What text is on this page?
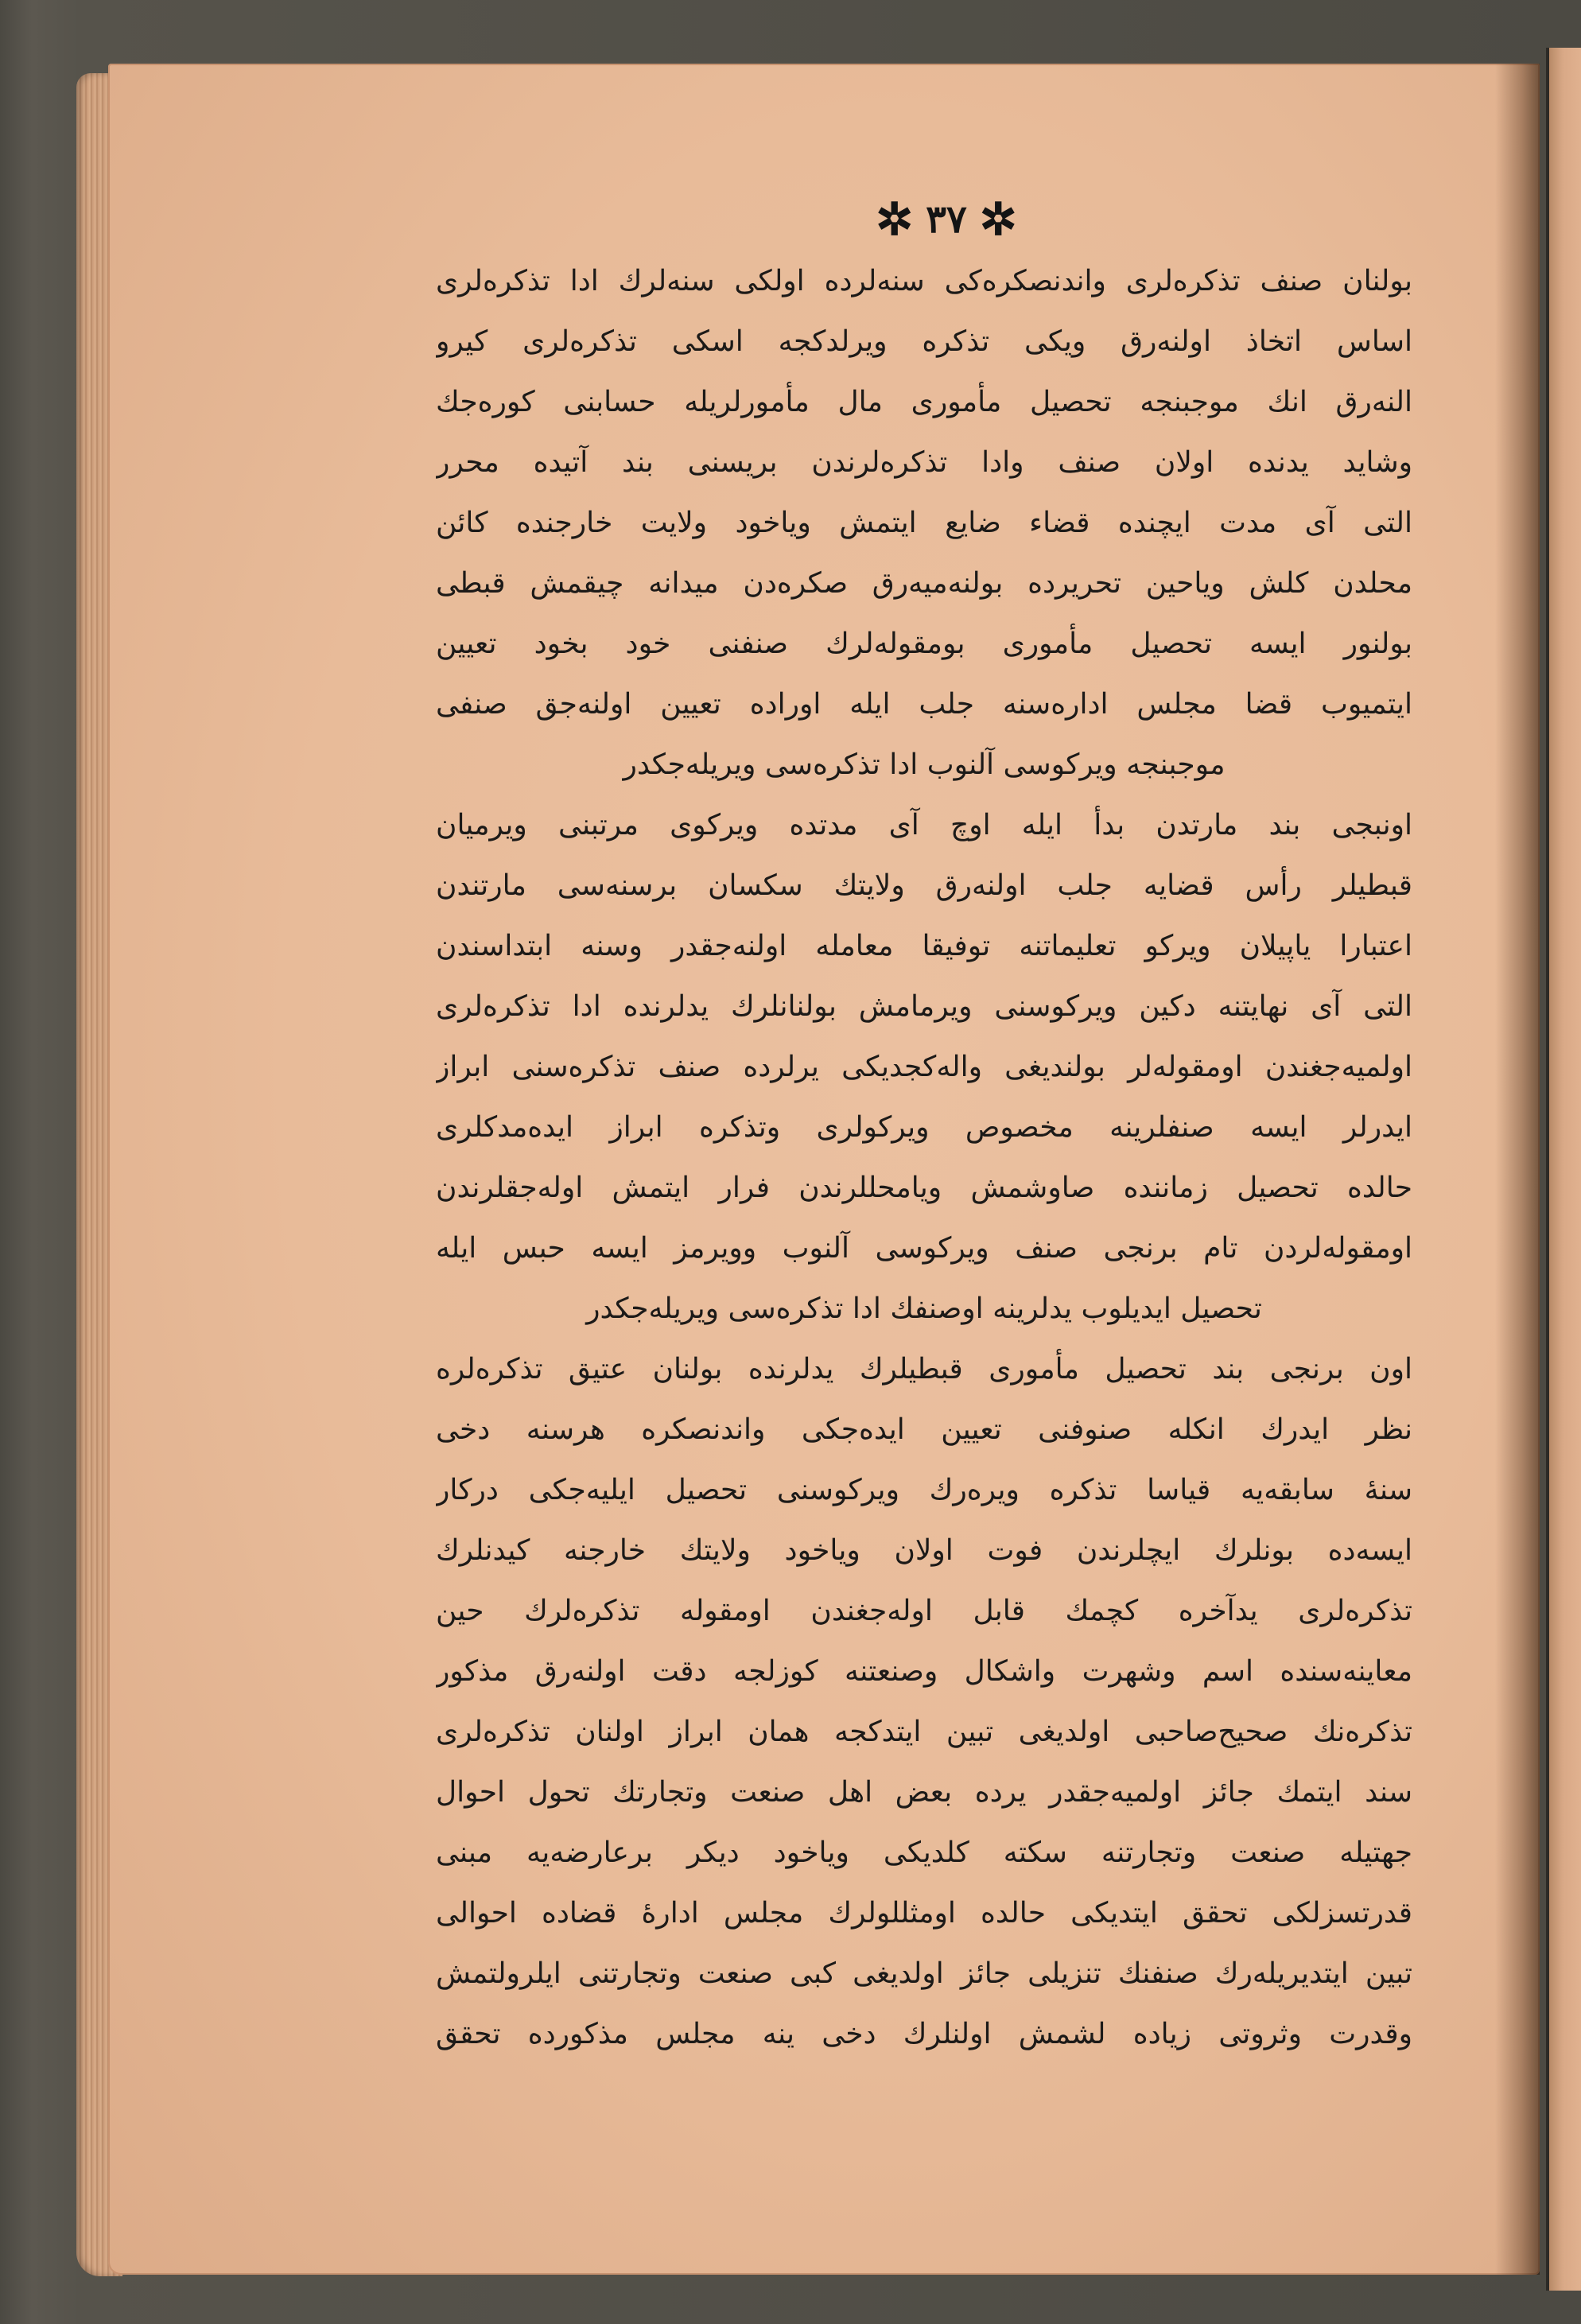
✲ ٣٧ ✲
بولنان صنف تذكره‌لری واندنصکره‌کی سنه‌لرده اولکی سنه‌لرك ادا تذکره‌لری
اساس اتخاذ اولنه‌رق ویکی تذکره ویرلدکجه اسکی تذکره‌لری کیرو
النه‌رق انك موجبنجه تحصیل مأموری مال مأمورلریله حسابنی کوره‌جك
وشاید یدنده اولان صنف وادا تذکره‌لرندن بریسنی بند آتیده محرر
التی آی مدت ایچنده قضاء ضایع ایتمش ویاخود ولایت خارجنده کائن
محلدن کلش ویاحین تحریرده بولنه‌میه‌رق صکره‌دن میدانه چیقمش قبطی
بولنور ایسه تحصیل مأموری بومقوله‌لرك صنفنی خود بخود تعیین
ایتمیوب قضا مجلس اداره‌سنه جلب ایله اوراده تعیین اولنه‌جق صنفی
موجبنجه ویرکوسی آلنوب ادا تذکره‌سی ویریله‌جکدر
اونبجی بند مارتدن بدأ ایله اوچ آی مدتده ویرکوی مرتبنی ویرمیان
قبطیلر رأس قضایه جلب اولنه‌رق ولایتك سکسان برسنه‌سی مارتندن
اعتبارا یاپیلان ویرکو تعلیماتنه توفیقا معامله اولنه‌جقدر وسنه ابتداسندن
التی آی نهایتنه دکین ویرکوسنی ویرمامش بولنانلرك یدلرنده ادا تذکره‌لری
اولمیه‌جغندن اومقوله‌لر بولندیغی واله‌کجدیکی یرلرده صنف تذکره‌سنی ابراز
ایدرلر ایسه صنفلرینه مخصوص ویرکولری وتذکره ابراز ایده‌مدکلری
حالده تحصیل زماننده صاوشمش ویامحللرندن فرار ایتمش اوله‌جقلرندن
اومقوله‌لردن تام برنجی صنف ویرکوسی آلنوب وویرمز ایسه حبس ایله
تحصیل ایدیلوب یدلرینه اوصنفك ادا تذکره‌سی ویریله‌جکدر
اون برنجی بند تحصیل مأموری قبطیلرك یدلرنده بولنان عتیق تذکره‌لره
نظر ایدرك انکله صنوفنی تعیین ایده‌جکی واندنصکره هرسنه دخی
سنهٔ سابقه‌یه قیاسا تذکره ویره‌رك ویرکوسنی تحصیل ایلیه‌جکی درکار
ایسه‌ده بونلرك ایچلرندن فوت اولان ویاخود ولایتك خارجنه کیدنلرك
تذکره‌لری یدآخره کچمك قابل اوله‌جغندن اومقوله تذکره‌لرك حین
معاینه‌سنده اسم وشهرت واشکال وصنعتنه کوزلجه دقت اولنه‌رق مذکور
تذکره‌نك صحیح‌صاحبی اولدیغی تبین ایتدکجه همان ابراز اولنان تذکره‌لری
سند ایتمك جائز اولمیه‌جقدر یرده بعض اهل صنعت وتجارتك تحول احوال
جهتیله صنعت وتجارتنه سکته کلدیکی ویاخود دیکر برعارضه‌یه مبنی
قدرتسزلکی تحقق ایتدیکی حالده اومثللولرك مجلس ادارهٔ قضاده احوالی
تبین ایتدیریله‌رك صنفنك تنزیلی جائز اولدیغی کبی صنعت وتجارتنی ایلرولتمش
وقدرت وثروتی زیاده لشمش اولنلرك دخی ینه مجلس مذکورده تحقق
